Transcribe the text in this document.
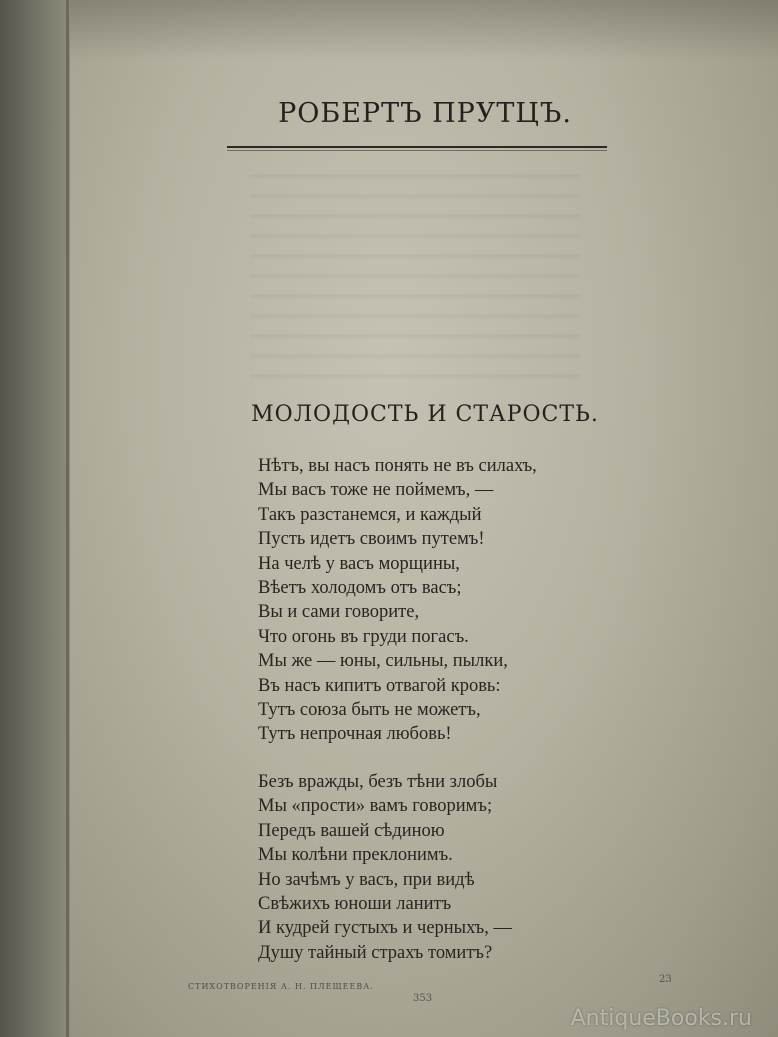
РОБЕРТЪ ПРУТЦЪ.
МОЛОДОСТЬ И СТАРОСТЬ.
Нѣтъ, вы насъ понять не въ силахъ,
Мы васъ тоже не поймемъ, —
Такъ разстанемся, и каждый
Пусть идетъ своимъ путемъ!
На челѣ у васъ морщины,
Вѣетъ холодомъ отъ васъ;
Вы и сами говорите,
Что огонь въ груди погасъ.
Мы же — юны, сильны, пылки,
Въ насъ кипитъ отвагой кровь:
Тутъ союза быть не можетъ,
Тутъ непрочная любовь!
Безъ вражды, безъ тѣни злобы
Мы «прости» вамъ говоримъ;
Передъ вашей сѣдиною
Мы колѣни преклонимъ.
Но зачѣмъ у васъ, при видѣ
Свѣжихъ юноши ланитъ
И кудрей густыхъ и черныхъ, —
Душу тайный страхъ томитъ?
СТИХОТВОРЕНІЯ А. Н. ПЛЕЩЕЕВА.
353
23
AntiqueBooks.ru
